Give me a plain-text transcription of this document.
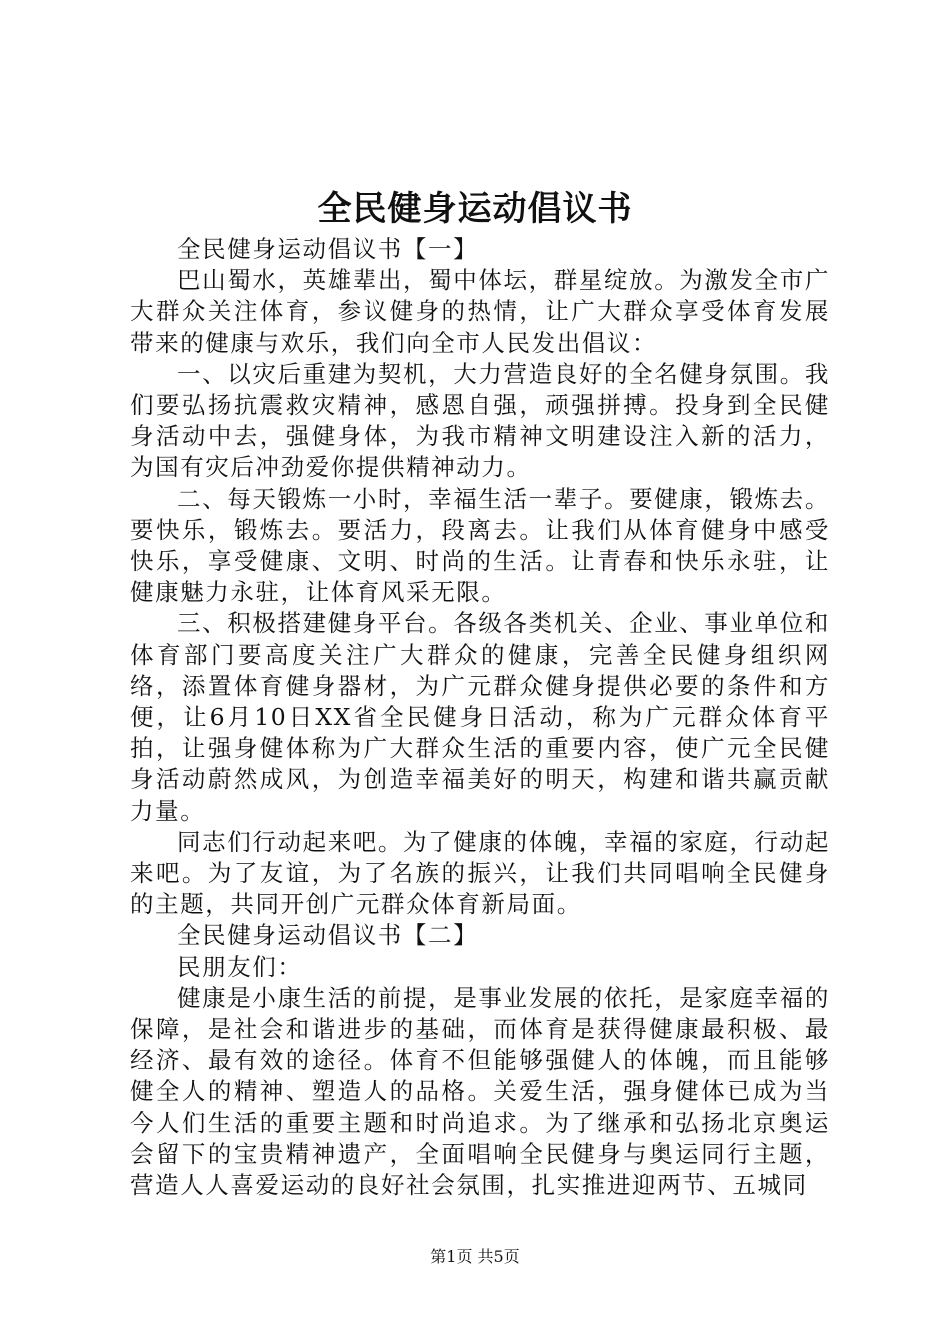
全民健身运动倡议书

全民健身运动倡议书【一】

巴山蜀水，英雄辈出，蜀中体坛，群星绽放。为激发全市广大群众关注体育，参议健身的热情，让广大群众享受体育发展带来的健康与欢乐，我们向全市人民发出倡议：

一、以灾后重建为契机，大力营造良好的全名健身氛围。我们要弘扬抗震救灾精神，感恩自强，顽强拼搏。投身到全民健身活动中去，强健身体，为我市精神文明建设注入新的活力，为国有灾后冲劲爱你提供精神动力。

二、每天锻炼一小时，幸福生活一辈子。要健康，锻炼去。要快乐，锻炼去。要活力，段离去。让我们从体育健身中感受快乐，享受健康、文明、时尚的生活。让青春和快乐永驻，让健康魅力永驻，让体育风采无限。

三、积极搭建健身平台。各级各类机关、企业、事业单位和体育部门要高度关注广大群众的健康，完善全民健身组织网络，添置体育健身器材，为广元群众健身提供必要的条件和方便，让6月10日XX省全民健身日活动，称为广元群众体育平拍，让强身健体称为广大群众生活的重要内容，使广元全民健身活动蔚然成风，为创造幸福美好的明天，构建和谐共赢贡献力量。

同志们行动起来吧。为了健康的体魄，幸福的家庭，行动起来吧。为了友谊，为了名族的振兴，让我们共同唱响全民健身的主题，共同开创广元群众体育新局面。

全民健身运动倡议书【二】

民朋友们：

健康是小康生活的前提，是事业发展的依托，是家庭幸福的保障，是社会和谐进步的基础，而体育是获得健康最积极、最经济、最有效的途径。体育不但能够强健人的体魄，而且能够健全人的精神、塑造人的品格。关爱生活，强身健体已成为当今人们生活的重要主题和时尚追求。为了继承和弘扬北京奥运会留下的宝贵精神遗产，全面唱响全民健身与奥运同行主题，营造人人喜爱运动的良好社会氛围，扎实推进迎两节、五城同

第1页 共5页
